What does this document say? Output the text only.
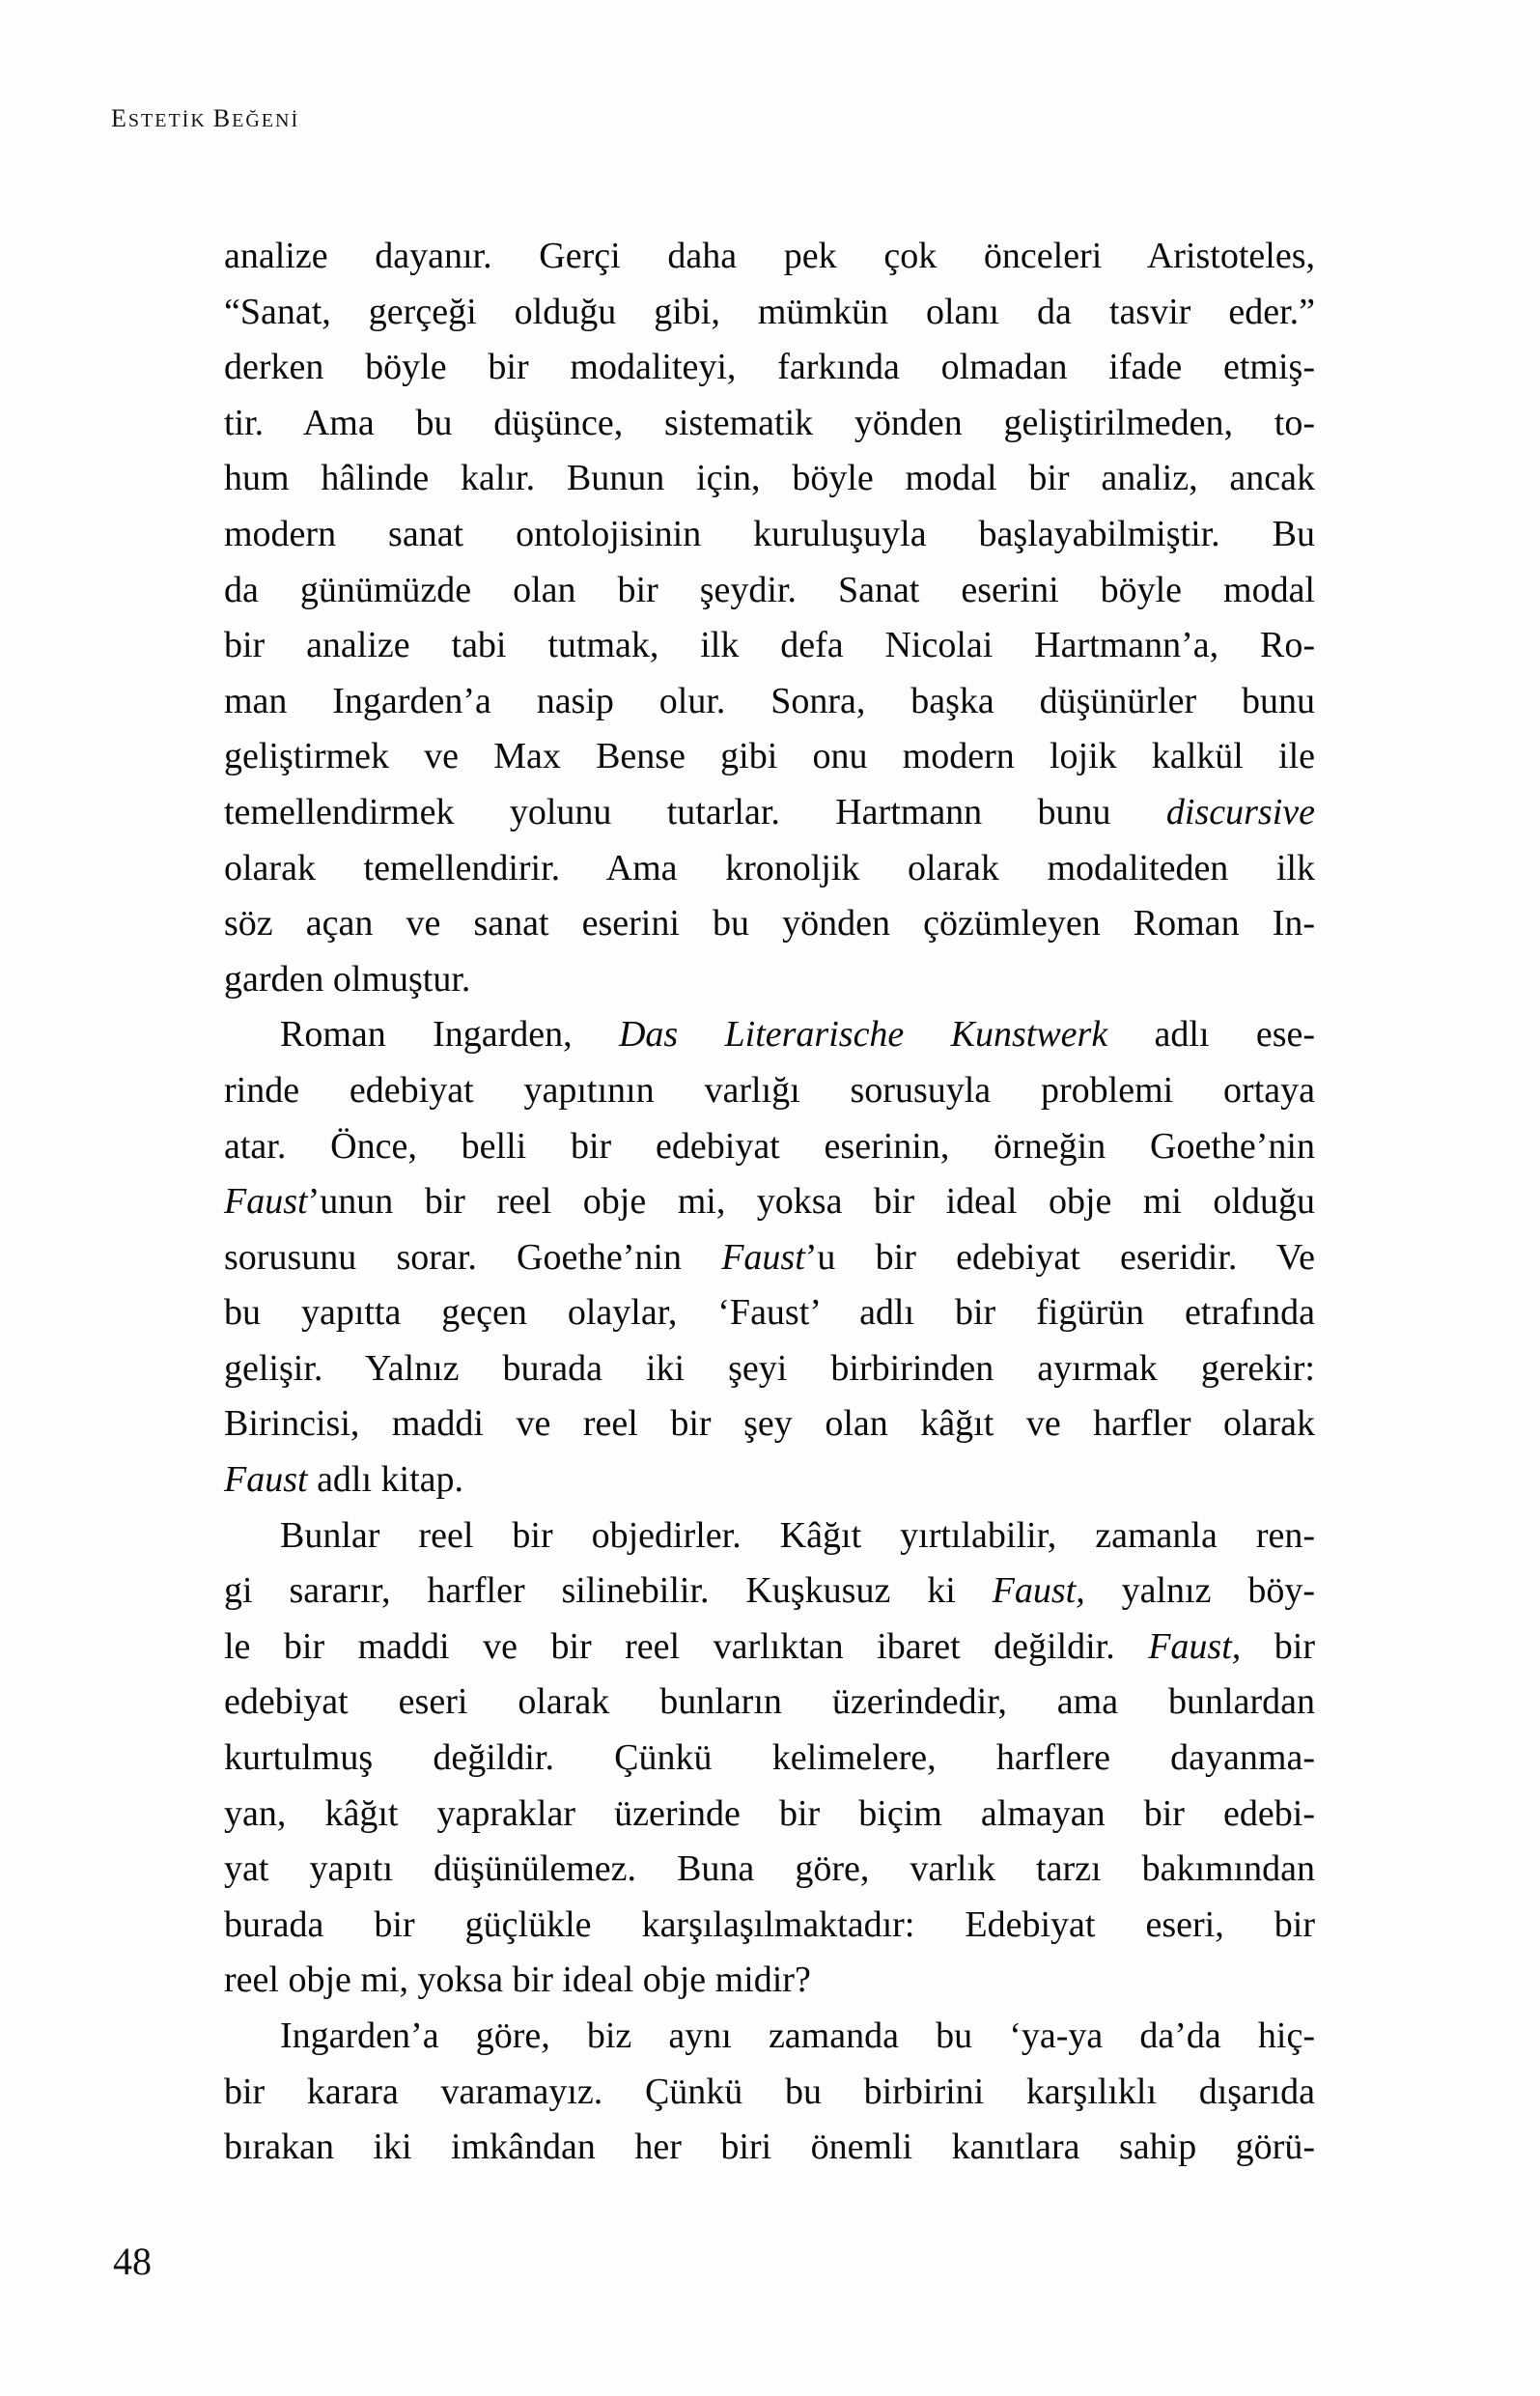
ESTETİK BEĞENİ
analize dayanır. Gerçi daha pek çok önceleri Aristoteles,
“Sanat, gerçeği olduğu gibi, mümkün olanı da tasvir eder.”
derken böyle bir modaliteyi, farkında olmadan ifade etmiş-
tir. Ama bu düşünce, sistematik yönden geliştirilmeden, to-
hum hâlinde kalır. Bunun için, böyle modal bir analiz, ancak
modern sanat ontolojisinin kuruluşuyla başlayabilmiştir. Bu
da günümüzde olan bir şeydir. Sanat eserini böyle modal
bir analize tabi tutmak, ilk defa Nicolai Hartmann’a, Ro-
man Ingarden’a nasip olur. Sonra, başka düşünürler bunu
geliştirmek ve Max Bense gibi onu modern lojik kalkül ile
temellendirmek yolunu tutarlar. Hartmann bunu discursive
olarak temellendirir. Ama kronoljik olarak modaliteden ilk
söz açan ve sanat eserini bu yönden çözümleyen Roman In-
garden olmuştur.
Roman Ingarden, Das Literarische Kunstwerk adlı ese-
rinde edebiyat yapıtının varlığı sorusuyla problemi ortaya
atar. Önce, belli bir edebiyat eserinin, örneğin Goethe’nin
Faust’unun bir reel obje mi, yoksa bir ideal obje mi olduğu
sorusunu sorar. Goethe’nin Faust’u bir edebiyat eseridir. Ve
bu yapıtta geçen olaylar, ‘Faust’ adlı bir figürün etrafında
gelişir. Yalnız burada iki şeyi birbirinden ayırmak gerekir:
Birincisi, maddi ve reel bir şey olan kâğıt ve harfler olarak
Faust adlı kitap.
Bunlar reel bir objedirler. Kâğıt yırtılabilir, zamanla ren-
gi sararır, harfler silinebilir. Kuşkusuz ki Faust, yalnız böy-
le bir maddi ve bir reel varlıktan ibaret değildir. Faust, bir
edebiyat eseri olarak bunların üzerindedir, ama bunlardan
kurtulmuş değildir. Çünkü kelimelere, harflere dayanma-
yan, kâğıt yapraklar üzerinde bir biçim almayan bir edebi-
yat yapıtı düşünülemez. Buna göre, varlık tarzı bakımından
burada bir güçlükle karşılaşılmaktadır: Edebiyat eseri, bir
reel obje mi, yoksa bir ideal obje midir?
Ingarden’a göre, biz aynı zamanda bu ‘ya-ya da’da hiç-
bir karara varamayız. Çünkü bu birbirini karşılıklı dışarıda
bırakan iki imkândan her biri önemli kanıtlara sahip görü-
48
